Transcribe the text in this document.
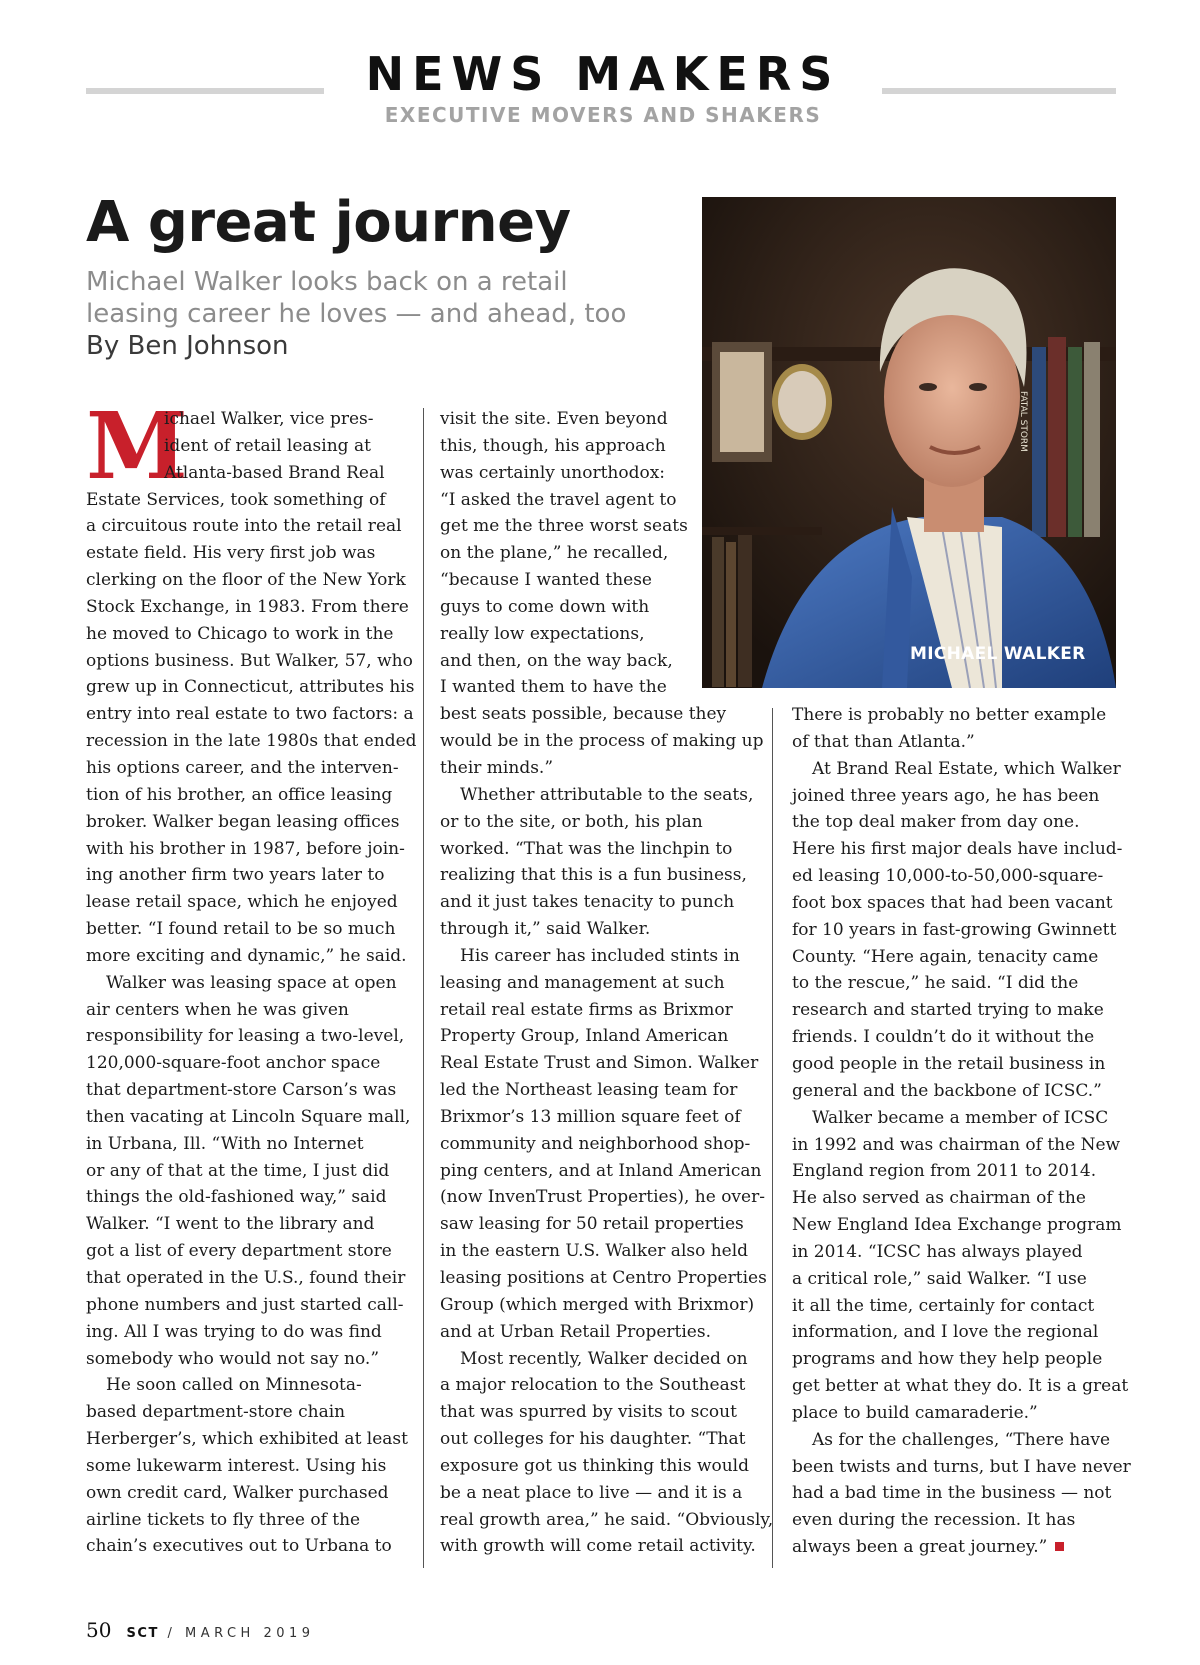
NEWS MAKERS
EXECUTIVE MOVERS AND SHAKERS
A great journey
Michael Walker looks back on a retail
leasing career he loves — and ahead, too
By Ben Johnson
FATAL STORM
MICHAEL WALKER
M
ichael Walker, vice pres-
ident of retail leasing at
Atlanta-based Brand Real
Estate Services, took something of
a circuitous route into the retail real
estate field. His very first job was
clerking on the floor of the New York
Stock Exchange, in 1983. From there
he moved to Chicago to work in the
options business. But Walker, 57, who
grew up in Connecticut, attributes his
entry into real estate to two factors: a
recession in the late 1980s that ended
his options career, and the interven-
tion of his brother, an office leasing
broker. Walker began leasing offices
with his brother in 1987, before join-
ing another firm two years later to
lease retail space, which he enjoyed
better. “I found retail to be so much
more exciting and dynamic,” he said.
Walker was leasing space at open
air centers when he was given
responsibility for leasing a two-level,
120,000-square-foot anchor space
that department-store Carson’s was
then vacating at Lincoln Square mall,
in Urbana, Ill. “With no Internet
or any of that at the time, I just did
things the old-fashioned way,” said
Walker. “I went to the library and
got a list of every department store
that operated in the U.S., found their
phone numbers and just started call-
ing. All I was trying to do was find
somebody who would not say no.”
He soon called on Minnesota-
based department-store chain
Herberger’s, which exhibited at least
some lukewarm interest. Using his
own credit card, Walker purchased
airline tickets to fly three of the
chain’s executives out to Urbana to
visit the site. Even beyond
this, though, his approach
was certainly unorthodox:
“I asked the travel agent to
get me the three worst seats
on the plane,” he recalled,
“because I wanted these
guys to come down with
really low expectations,
and then, on the way back,
I wanted them to have the
best seats possible, because they
would be in the process of making up
their minds.”
Whether attributable to the seats,
or to the site, or both, his plan
worked. “That was the linchpin to
realizing that this is a fun business,
and it just takes tenacity to punch
through it,” said Walker.
His career has included stints in
leasing and management at such
retail real estate firms as Brixmor
Property Group, Inland American
Real Estate Trust and Simon. Walker
led the Northeast leasing team for
Brixmor’s 13 million square feet of
community and neighborhood shop-
ping centers, and at Inland American
(now InvenTrust Properties), he over-
saw leasing for 50 retail properties
in the eastern U.S. Walker also held
leasing positions at Centro Properties
Group (which merged with Brixmor)
and at Urban Retail Properties.
Most recently, Walker decided on
a major relocation to the Southeast
that was spurred by visits to scout
out colleges for his daughter. “That
exposure got us thinking this would
be a neat place to live — and it is a
real growth area,” he said. “Obviously,
with growth will come retail activity.
There is probably no better example
of that than Atlanta.”
At Brand Real Estate, which Walker
joined three years ago, he has been
the top deal maker from day one.
Here his first major deals have includ-
ed leasing 10,000-to-50,000-square-
foot box spaces that had been vacant
for 10 years in fast-growing Gwinnett
County. “Here again, tenacity came
to the rescue,” he said. “I did the
research and started trying to make
friends. I couldn’t do it without the
good people in the retail business in
general and the backbone of ICSC.”
Walker became a member of ICSC
in 1992 and was chairman of the New
England region from 2011 to 2014.
He also served as chairman of the
New England Idea Exchange program
in 2014. “ICSC has always played
a critical role,” said Walker. “I use
it all the time, certainly for contact
information, and I love the regional
programs and how they help people
get better at what they do. It is a great
place to build camaraderie.”
As for the challenges, “There have
been twists and turns, but I have never
had a bad time in the business — not
even during the recession. It has
always been a great journey.”
50 SCT / MARCH 2019
